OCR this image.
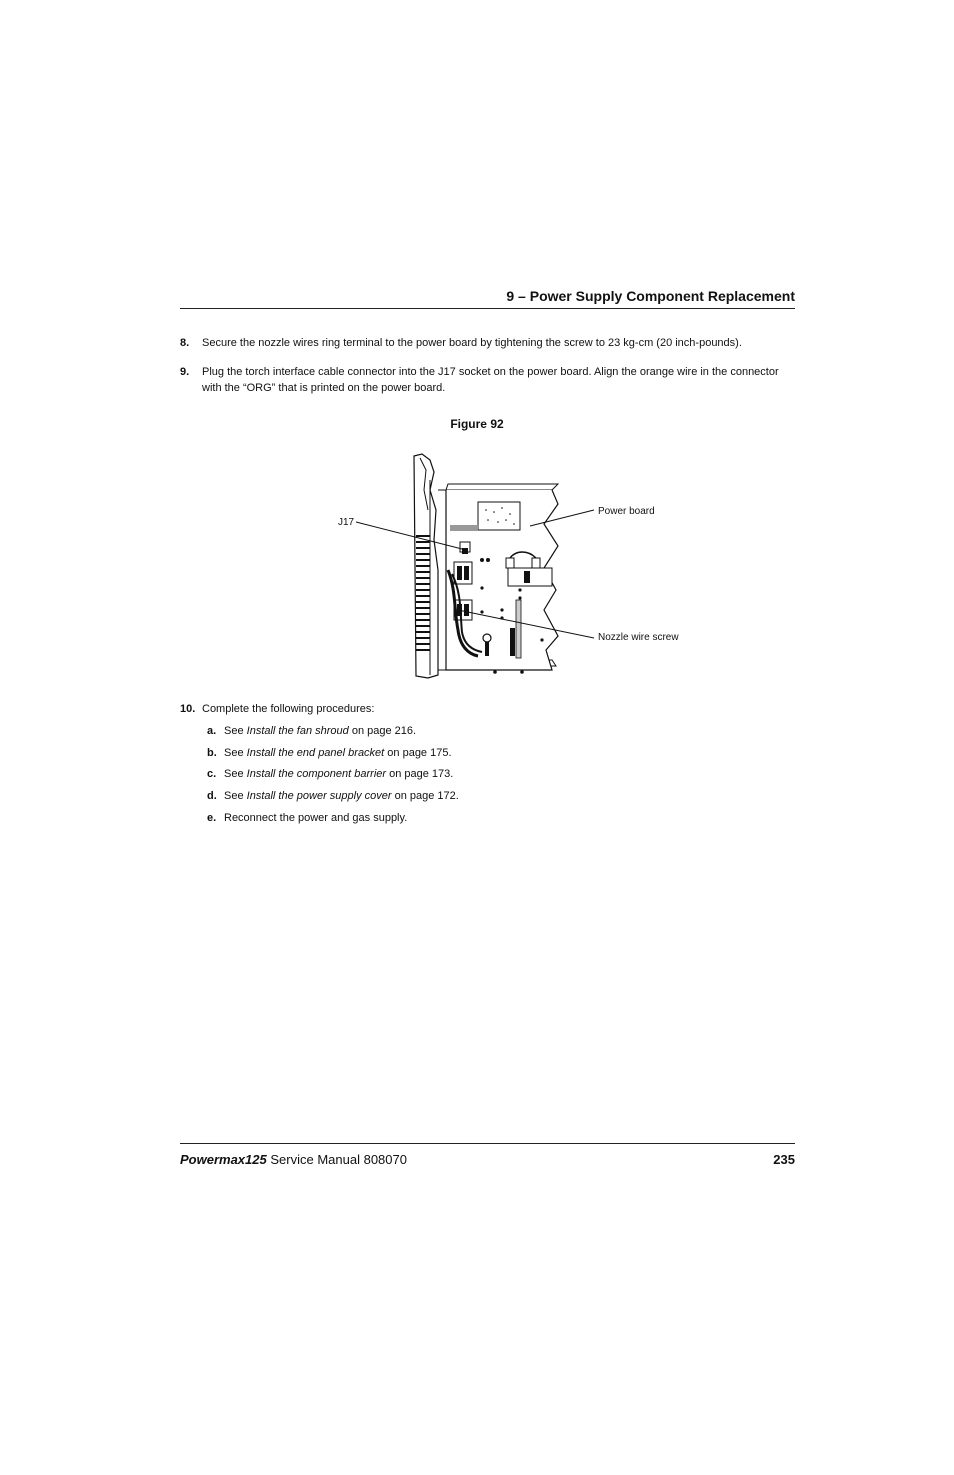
9 – Power Supply Component Replacement
8.	Secure the nozzle wires ring terminal to the power board by tightening the screw to 23 kg-cm (20 inch-pounds).
9.	Plug the torch interface cable connector into the J17 socket on the power board. Align the orange wire in the connector with the “ORG” that is printed on the power board.
Figure 92
J17
Power board
Nozzle wire screw
10. Complete the following procedures:
a. See Install the fan shroud on page 216.
b. See Install the end panel bracket on page 175.
c. See Install the component barrier on page 173.
d. See Install the power supply cover on page 172.
e. Reconnect the power and gas supply.
Powermax125 Service Manual 808070	235
